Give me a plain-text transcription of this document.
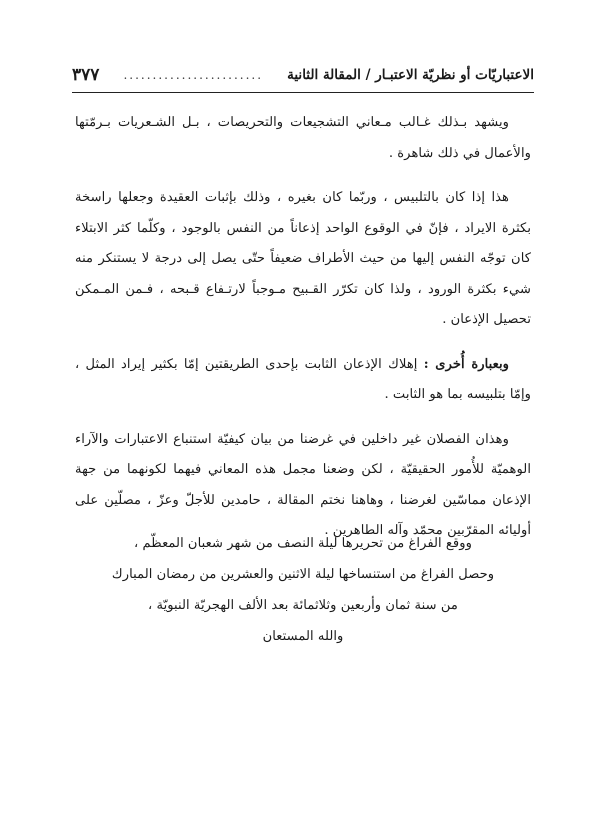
٣٧٧	........................	الاعتباريّات أو نظريّة الاعتبـار / المقالة الثانية

ويشهد بـذلك غـالب مـعاني التشجيعات والتحريصات ، بـل الشـعريات بـرمّتها والأعمال في ذلك شاهرة .

هذا إذا كان بالتلبيس ، وربّما كان بغيره ، وذلك بإثبات العقيدة وجعلها راسخة بكثرة الايراد ، فإنّ في الوقوع الواحد إذعاناً من النفس بالوجود ، وكلّما كثر الابتلاء كان توجّه النفس إليها من حيث الأطراف ضعيفاً حتّى يصل إلى درجة لا يستنكر منه شيء بكثرة الورود ، ولذا كان تكرّر القـبيح مـوجباً لارتـفاع قـبحه ، فـمن المـمكن تحصيل الإذعان .

وبعبارة أُخرى : إهلاك الإذعان الثابت بإحدى الطريقتين إمّا بكثير إيراد المثل ، وإمّا بتلبيسه بما هو الثابت .

وهذان الفصلان غير داخلين في غرضنا من بيان كيفيّة استنباع الاعتبارات والآراء الوهميّة للأُمور الحقيقيّة ، لكن وضعنا مجمل هذه المعاني فيهما لكونهما من جهة الإذعان مماسّين لغرضنا ، وهاهنا نختم المقالة ، حامدين للأجلّ وعزّ ، مصلّين على أوليائه المقرّبين محمّد وآله الطاهرين .

ووقع الفراغ من تحريرها ليلة النصف من شهر شعبان المعظّم ،
وحصل الفراغ من استنساخها ليلة الاثنين والعشرين من رمضان المبارك
من سنة ثمان وأربعين وثلاثمائة بعد الألف الهجريّة النبويّة ،
والله المستعان
